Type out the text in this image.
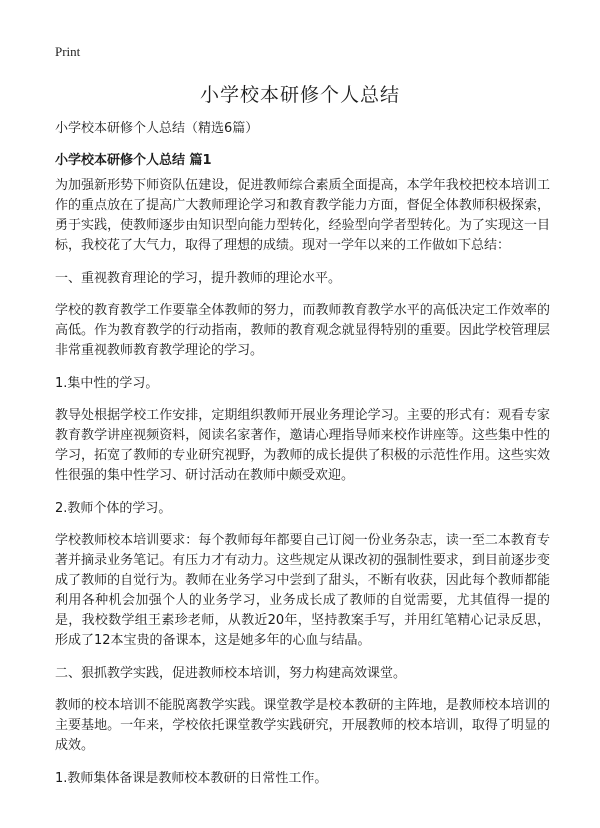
Print
小学校本研修个人总结

小学校本研修个人总结（精选6篇）

小学校本研修个人总结 篇1

为加强新形势下师资队伍建设，促进教师综合素质全面提高，本学年我校把校本培训工作的重点放在了提高广大教师理论学习和教育教学能力方面，督促全体教师积极探索，勇于实践，使教师逐步由知识型向能力型转化，经验型向学者型转化。为了实现这一目标，我校花了大气力，取得了理想的成绩。现对一学年以来的工作做如下总结：

一、重视教育理论的学习，提升教师的理论水平。

学校的教育教学工作要靠全体教师的努力，而教师教育教学水平的高低决定工作效率的高低。作为教育教学的行动指南，教师的教育观念就显得特别的重要。因此学校管理层非常重视教师教育教学理论的学习。

1.集中性的学习。

教导处根据学校工作安排，定期组织教师开展业务理论学习。主要的形式有：观看专家教育教学讲座视频资料，阅读名家著作，邀请心理指导师来校作讲座等。这些集中性的学习，拓宽了教师的专业研究视野，为教师的成长提供了积极的示范性作用。这些实效性很强的集中性学习、研讨活动在教师中颇受欢迎。

2.教师个体的学习。

学校教师校本培训要求：每个教师每年都要自己订阅一份业务杂志，读一至二本教育专著并摘录业务笔记。有压力才有动力。这些规定从课改初的强制性要求，到目前逐步变成了教师的自觉行为。教师在业务学习中尝到了甜头，不断有收获，因此每个教师都能利用各种机会加强个人的业务学习，业务成长成了教师的自觉需要，尤其值得一提的是，我校数学组王素珍老师，从教近20年，坚持教案手写，并用红笔精心记录反思，形成了12本宝贵的备课本，这是她多年的心血与结晶。

二、狠抓教学实践，促进教师校本培训，努力构建高效课堂。

教师的校本培训不能脱离教学实践。课堂教学是校本教研的主阵地，是教师校本培训的主要基地。一年来，学校依托课堂教学实践研究，开展教师的校本培训，取得了明显的成效。

1.教师集体备课是教师校本教研的日常性工作。
